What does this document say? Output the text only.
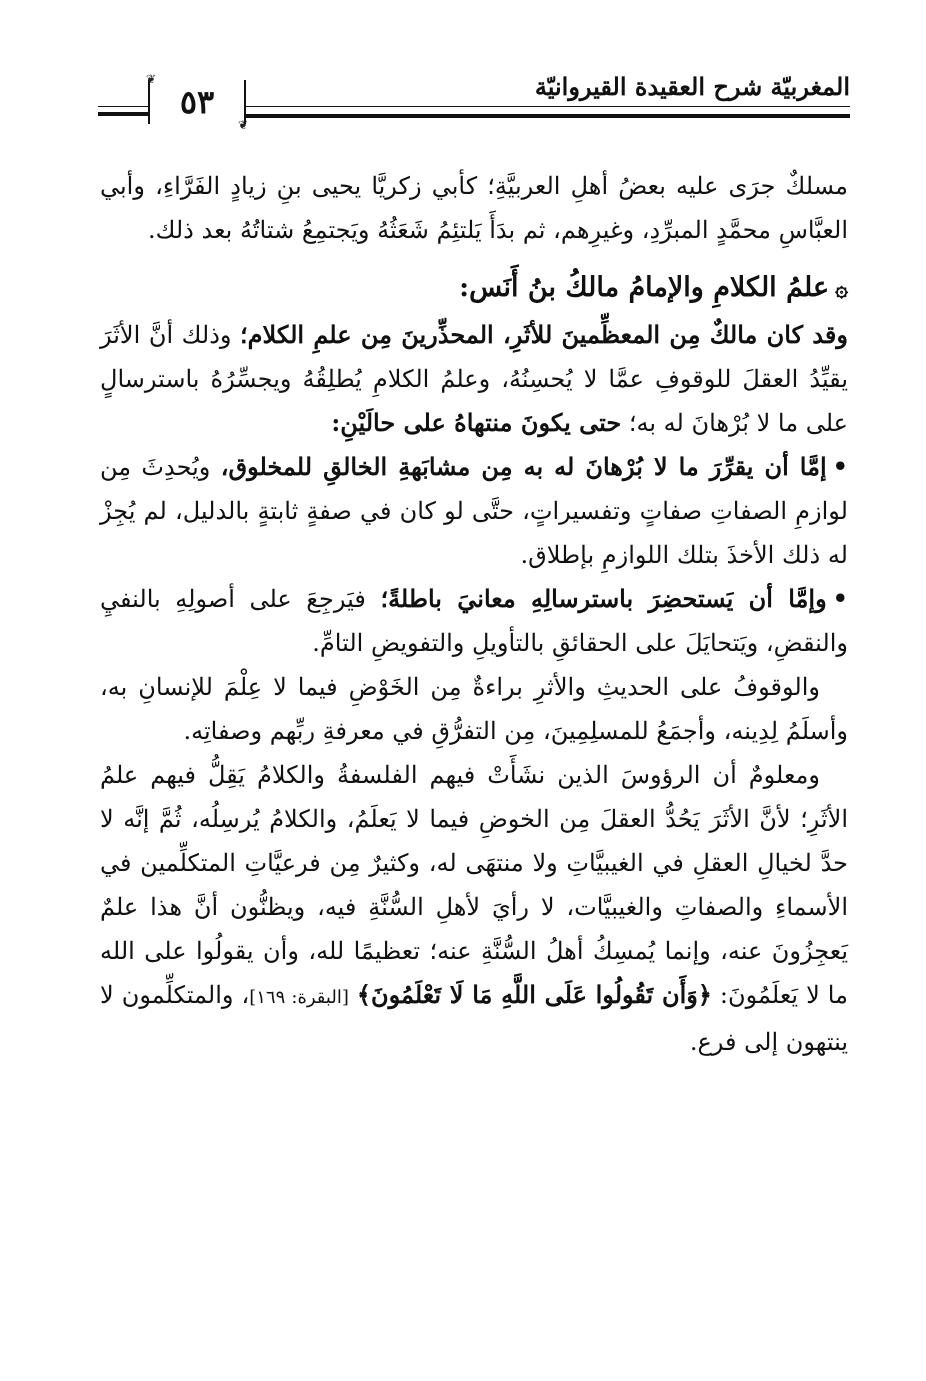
المغربيّة شرح العقيدة القيروانيّة
❦
٥٣
❦

مسلكٌ جرَى عليه بعضُ أهلِ العربيَّةِ؛ كأبي زكريَّا يحيى بنِ زيادٍ الفَرَّاءِ، وأبي العبَّاسِ محمَّدٍ المبرِّدِ، وغيرِهم، ثم بدَأَ يَلتئِمُ شَعَثُهُ ويَجتمِعُ شتاتُهُ بعد ذلك.

۞علمُ الكلامِ والإمامُ مالكُ بنُ أَنَس:

وقد كان مالكٌ مِن المعظِّمينَ للأثَرِ، المحذِّرينَ مِن علمِ الكلام؛ وذلك أنَّ الأثَرَ يقيِّدُ العقلَ للوقوفِ عمَّا لا يُحسِنُهُ، وعلمُ الكلامِ يُطلِقُهُ ويجسِّرُهُ باسترسالٍ على ما لا بُرْهانَ له به؛ حتى يكونَ منتهاهُ على حالَيْنِ:

•إمَّا أن يقرِّرَ ما لا بُرْهانَ له به مِن مشابَهةِ الخالقِ للمخلوق، ويُحدِثَ مِن لوازمِ الصفاتِ صفاتٍ وتفسيراتٍ، حتَّى لو كان في صفةٍ ثابتةٍ بالدليل، لم يُجِزْ له ذلك الأخذَ بتلك اللوازمِ بإطلاق.

•وإمَّا أن يَستحضِرَ باسترسالِهِ معانيَ باطلةً؛ فيَرجِعَ على أصولِهِ بالنفيِ والنقضِ، ويَتحايَلَ على الحقائقِ بالتأويلِ والتفويضِ التامِّ.

والوقوفُ على الحديثِ والأثرِ براءةٌ مِن الخَوْضِ فيما لا عِلْمَ للإنسانِ به، وأسلَمُ لِدِينه، وأجمَعُ للمسلِمِينَ، مِن التفرُّقِ في معرفةِ ربِّهم وصفاتِه.

ومعلومٌ أن الرؤوسَ الذين نشَأَتْ فيهم الفلسفةُ والكلامُ يَقِلُّ فيهم علمُ الأثَرِ؛ لأنَّ الأثَرَ يَحُدُّ العقلَ مِن الخوضِ فيما لا يَعلَمُ، والكلامُ يُرسِلُه، ثُمَّ إنَّه لا حدَّ لخيالِ العقلِ في الغيبيَّاتِ ولا منتهَى له، وكثيرٌ مِن فرعيَّاتِ المتكلِّمين في الأسماءِ والصفاتِ والغيبيَّات، لا رأيَ لأهلِ السُّنَّةِ فيه، ويظنُّون أنَّ هذا علمٌ يَعجِزُونَ عنه، وإنما يُمسِكُ أهلُ السُّنَّةِ عنه؛ تعظيمًا لله، وأن يقولُوا على الله ما لا يَعلَمُونَ: ﴿وَأَن تَقُولُوا عَلَى اللَّهِ مَا لَا تَعْلَمُونَ﴾ [البقرة: ١٦٩]، والمتكلِّمون لا ينتهون إلى فرع.
